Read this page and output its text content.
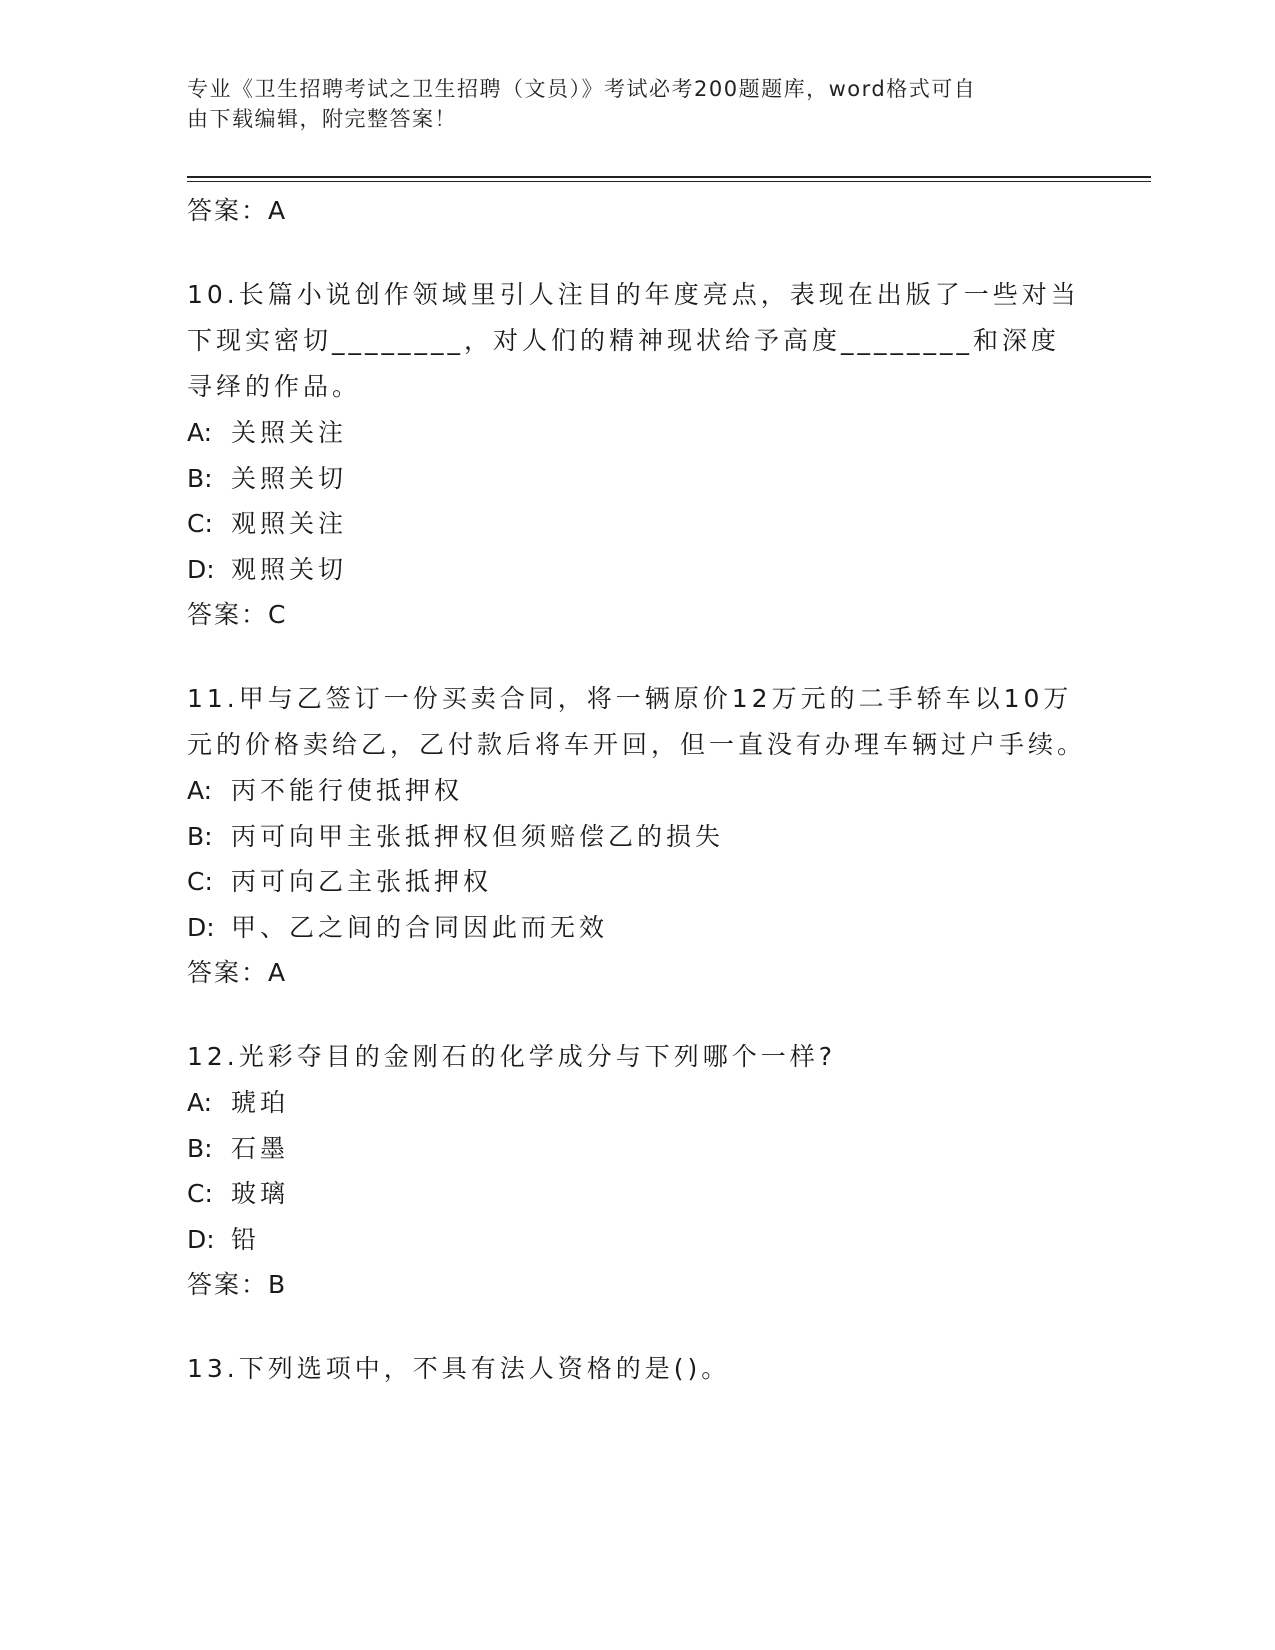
专业《卫生招聘考试之卫生招聘（文员）》考试必考200题题库，word格式可自
由下载编辑，附完整答案！

答案：A

10.长篇小说创作领域里引人注目的年度亮点，表现在出版了一些对当下现实密切________，对人们的精神现状给予高度________和深度寻绎的作品。

A: 关照关注

B: 关照关切

C: 观照关注

D: 观照关切

答案：C

11.甲与乙签订一份买卖合同，将一辆原价12万元的二手轿车以10万元的价格卖给乙，乙付款后将车开回，但一直没有办理车辆过户手续。

A: 丙不能行使抵押权

B: 丙可向甲主张抵押权但须赔偿乙的损失

C: 丙可向乙主张抵押权

D: 甲、乙之间的合同因此而无效

答案：A

12.光彩夺目的金刚石的化学成分与下列哪个一样?

A: 琥珀

B: 石墨

C: 玻璃

D: 铅

答案：B

13.下列选项中，不具有法人资格的是()。
